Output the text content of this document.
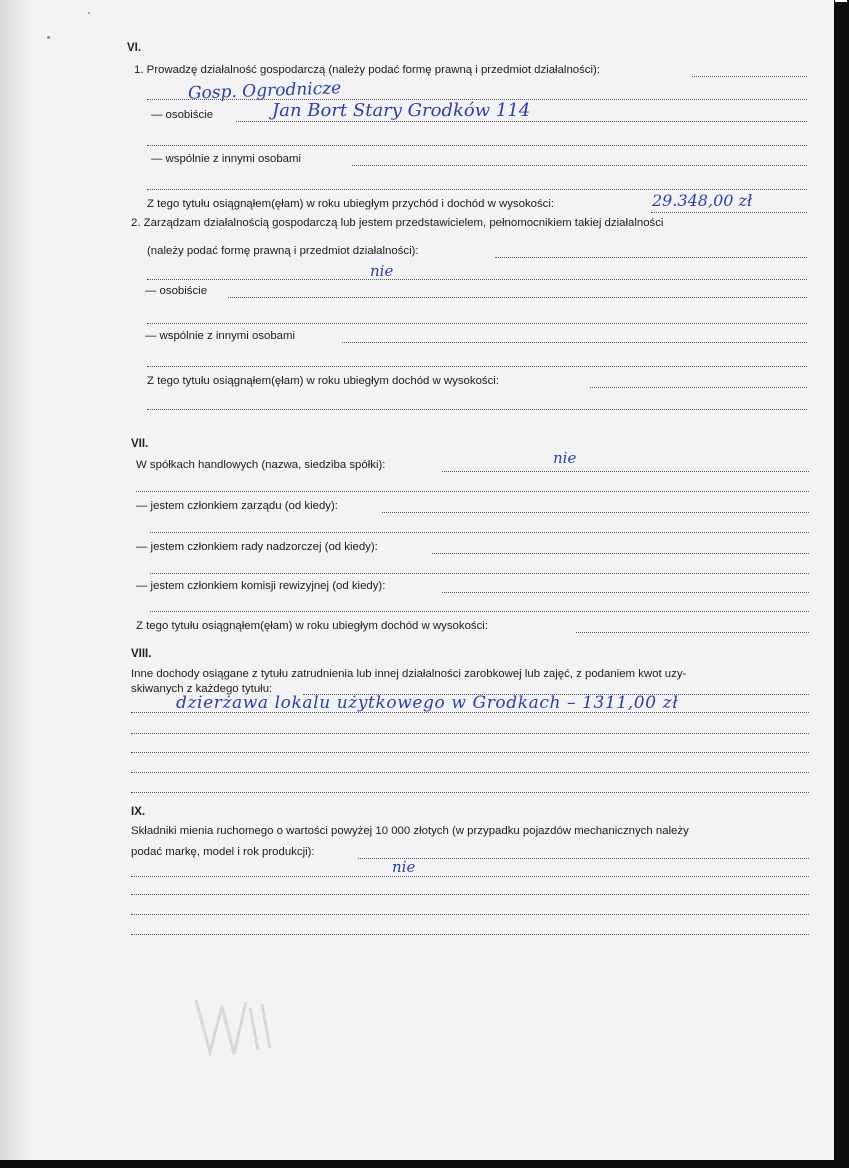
VI.
1. Prowadzę działalność gospodarczą (należy podać formę prawną i przedmiot działalności):
Gosp. Ogrodnicze
— osobiście	Jan Bort Stary Grodków 114
— wspólnie z innymi osobami
Z tego tytułu osiągnąłem(ęłam) w roku ubiegłym przychód i dochód w wysokości:	29.348,00 zł
2. Zarządzam działalnością gospodarczą lub jestem przedstawicielem, pełnomocnikiem takiej działalności
(należy podać formę prawną i przedmiot działalności):
nie
— osobiście
— wspólnie z innymi osobami
Z tego tytułu osiągnąłem(ęłam) w roku ubiegłym dochód w wysokości:
VII.
W spółkach handlowych (nazwa, siedziba spółki):	nie
— jestem członkiem zarządu (od kiedy):
— jestem członkiem rady nadzorczej (od kiedy):
— jestem członkiem komisji rewizyjnej (od kiedy):
Z tego tytułu osiągnąłem(ęłam) w roku ubiegłym dochód w wysokości:
VIII.
Inne dochody osiągane z tytułu zatrudnienia lub innej działalności zarobkowej lub zajęć, z podaniem kwot uzy-
skiwanych z każdego tytułu:
dzierżawa lokalu użytkowego w Grodkach – 1311,00 zł
IX.
Składniki mienia ruchomego o wartości powyżej 10 000 złotych (w przypadku pojazdów mechanicznych należy
podać markę, model i rok produkcji):
nie
